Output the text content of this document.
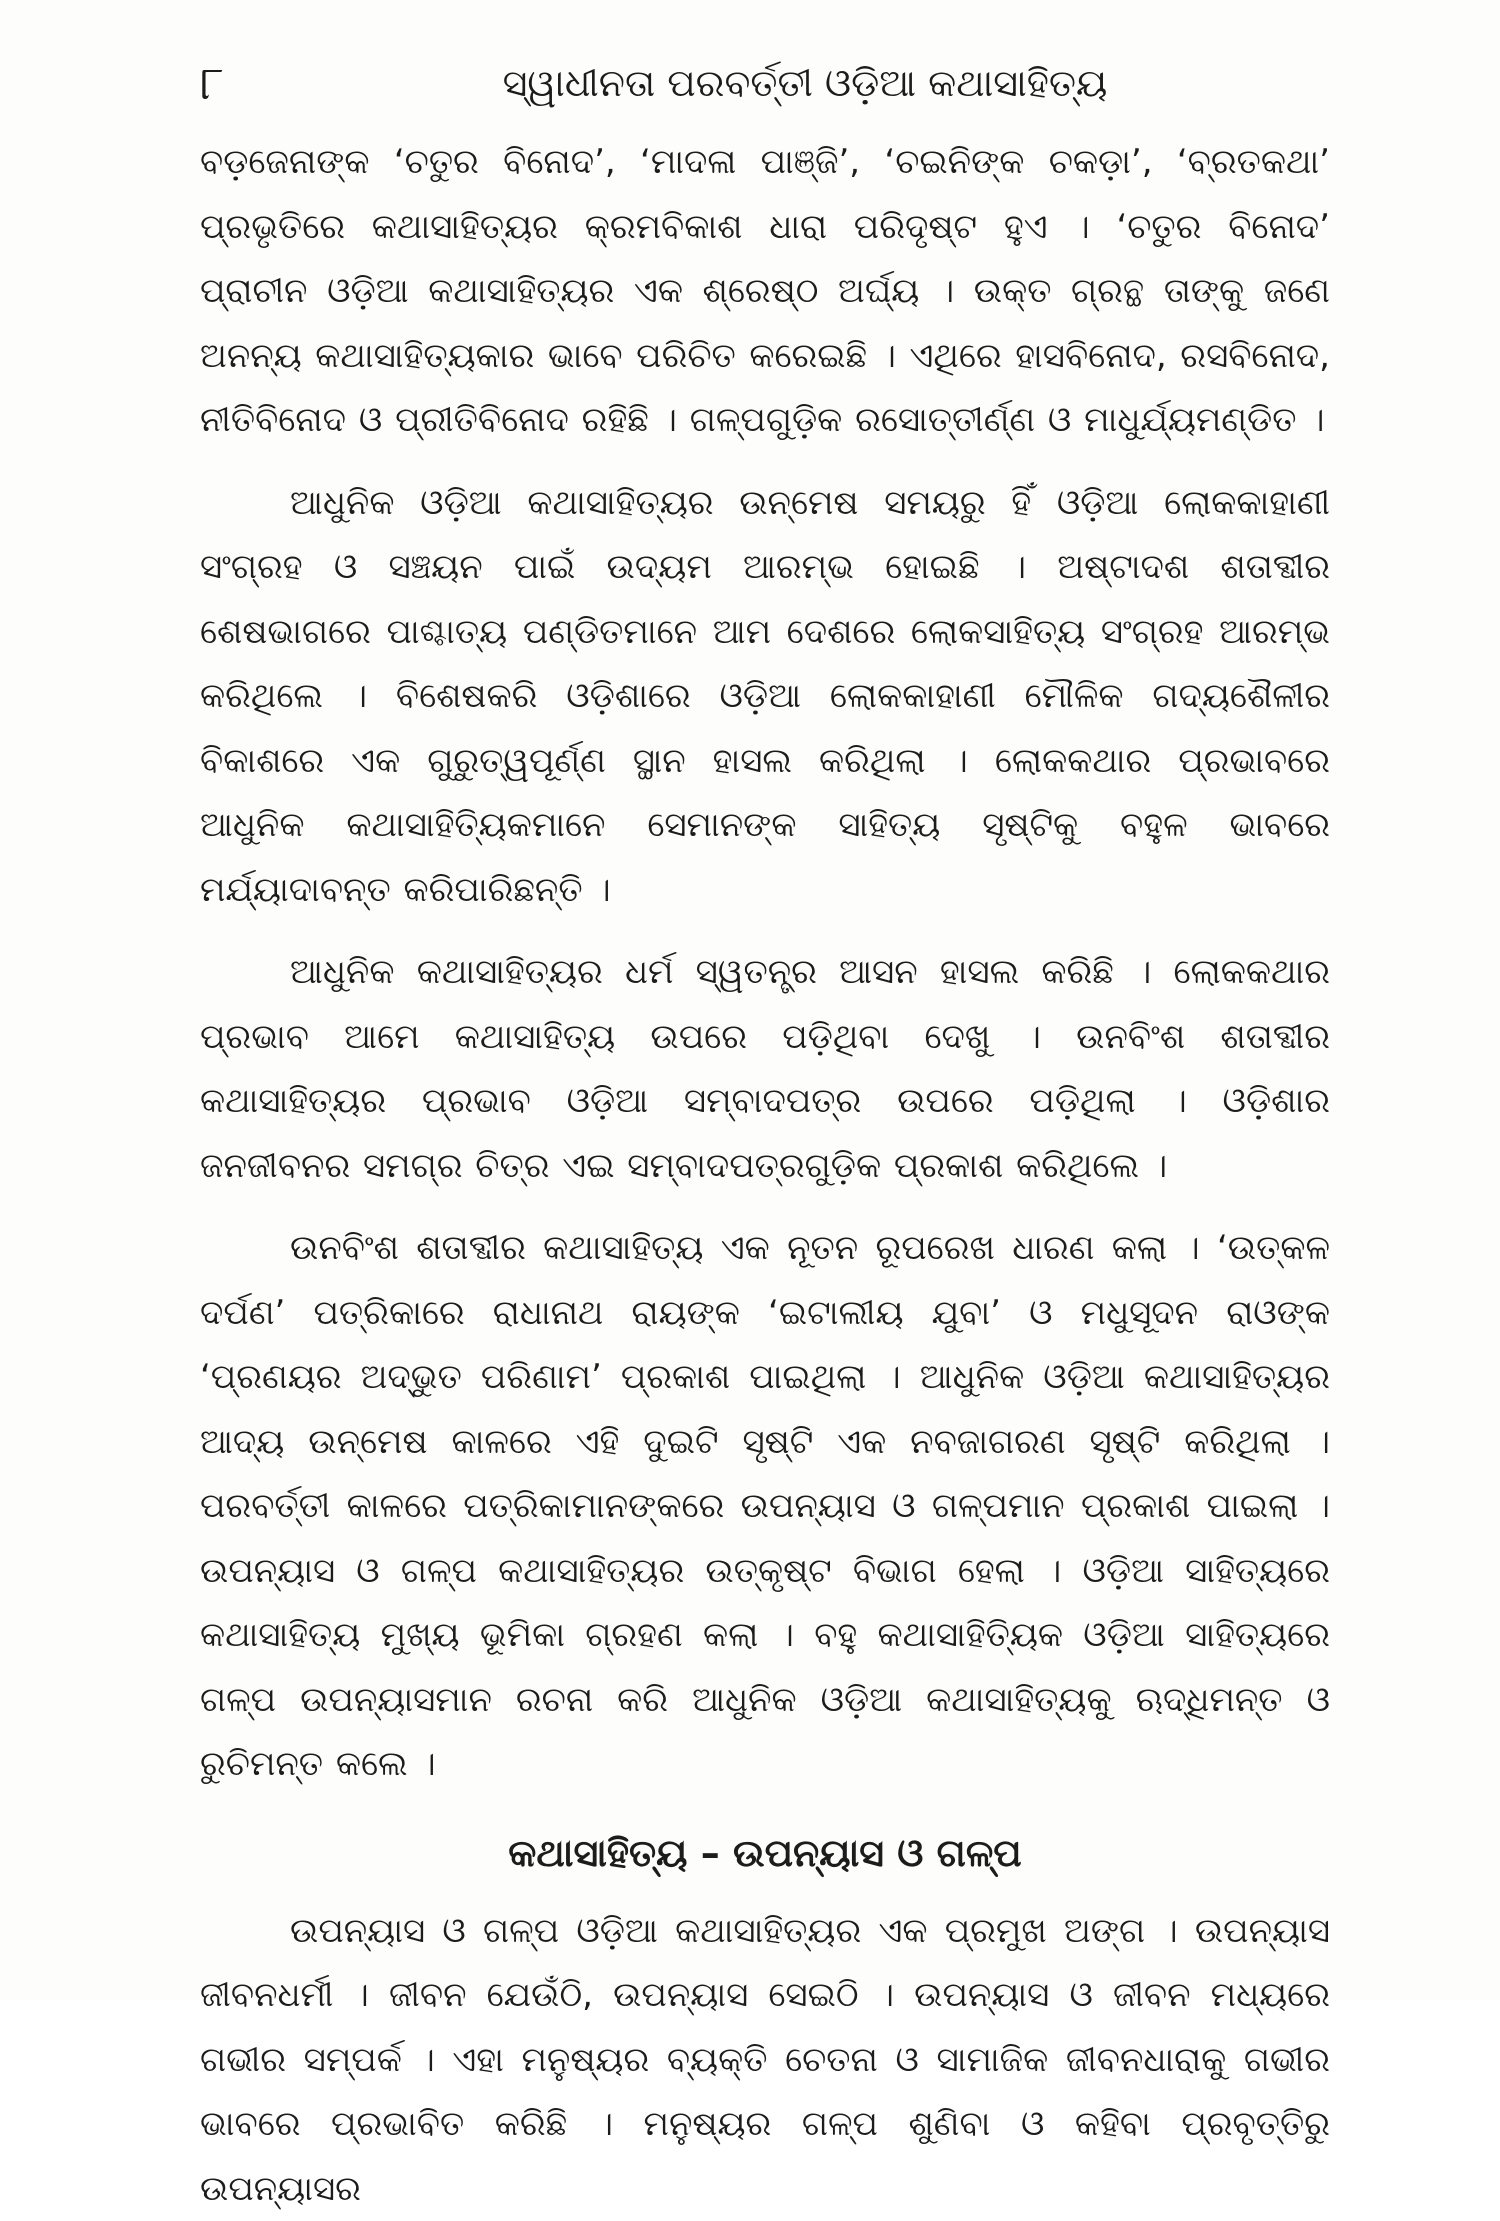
୮	ସ୍ୱାଧୀନତା ପରବର୍ତ୍ତୀ ଓଡ଼ିଆ କଥାସାହିତ୍ୟ

ବଡ଼ଜେନାଙ୍କ ‘ଚତୁର ବିନୋଦ’, ‘ମାଦଳା ପାଞ୍ଜି’, ‘ଚଇନିଙ୍କ ଚକଡ଼ା’, ‘ବ୍ରତକଥା’ ପ୍ରଭୃତିରେ କଥାସାହିତ୍ୟର କ୍ରମବିକାଶ ଧାରା ପରିଦୃଷ୍ଟ ହୁଏ । ‘ଚତୁର ବିନୋଦ’ ପ୍ରାଚୀନ ଓଡ଼ିଆ କଥାସାହିତ୍ୟର ଏକ ଶ୍ରେଷ୍ଠ ଅର୍ଘ୍ୟ । ଉକ୍ତ ଗ୍ରନ୍ଥ ତାଙ୍କୁ ଜଣେ ଅନନ୍ୟ କଥାସାହିତ୍ୟକାର ଭାବେ ପରିଚିତ କରେଇଛି । ଏଥିରେ ହାସବିନୋଦ, ରସବିନୋଦ, ନୀତିବିନୋଦ ଓ ପ୍ରୀତିବିନୋଦ ରହିଛି । ଗଳ୍ପଗୁଡ଼ିକ ରସୋତ୍ତୀର୍ଣ୍ଣ ଓ ମାଧୁର୍ଯ୍ୟମଣ୍ଡିତ ।

ଆଧୁନିକ ଓଡ଼ିଆ କଥାସାହିତ୍ୟର ଉନ୍ମେଷ ସମୟରୁ ହିଁ ଓଡ଼ିଆ ଲୋକକାହାଣୀ ସଂଗ୍ରହ ଓ ସଞ୍ଚୟନ ପାଇଁ ଉଦ୍ୟମ ଆରମ୍ଭ ହୋଇଛି । ଅଷ୍ଟାଦଶ ଶତାବ୍ଦୀର ଶେଷଭାଗରେ ପାଶ୍ଚାତ୍ୟ ପଣ୍ଡିତମାନେ ଆମ ଦେଶରେ ଲୋକସାହିତ୍ୟ ସଂଗ୍ରହ ଆରମ୍ଭ କରିଥିଲେ । ବିଶେଷକରି ଓଡ଼ିଶାରେ ଓଡ଼ିଆ ଲୋକକାହାଣୀ ମୌଳିକ ଗଦ୍ୟଶୈଳୀର ବିକାଶରେ ଏକ ଗୁରୁତ୍ୱପୂର୍ଣ୍ଣ ସ୍ଥାନ ହାସଲ କରିଥିଲା । ଲୋକକଥାର ପ୍ରଭାବରେ ଆଧୁନିକ କଥାସାହିତ୍ୟିକମାନେ ସେମାନଙ୍କ ସାହିତ୍ୟ ସୃଷ୍ଟିକୁ ବହୁଳ ଭାବରେ ମର୍ଯ୍ୟାଦାବନ୍ତ କରିପାରିଛନ୍ତି ।

ଆଧୁନିକ କଥାସାହିତ୍ୟର ଧର୍ମ ସ୍ୱତନ୍ତ୍ର ଆସନ ହାସଲ କରିଛି । ଲୋକକଥାର ପ୍ରଭାବ ଆମେ କଥାସାହିତ୍ୟ ଉପରେ ପଡ଼ିଥିବା ଦେଖୁ । ଉନବିଂଶ ଶତାବ୍ଦୀର କଥାସାହିତ୍ୟର ପ୍ରଭାବ ଓଡ଼ିଆ ସମ୍ବାଦପତ୍ର ଉପରେ ପଡ଼ିଥିଲା । ଓଡ଼ିଶାର ଜନଜୀବନର ସମଗ୍ର ଚିତ୍ର ଏଇ ସମ୍ବାଦପତ୍ରଗୁଡ଼ିକ ପ୍ରକାଶ କରିଥିଲେ ।

ଉନବିଂଶ ଶତାବ୍ଦୀର କଥାସାହିତ୍ୟ ଏକ ନୂତନ ରୂପରେଖ ଧାରଣ କଲା । ‘ଉତ୍କଳ ଦର୍ପଣ’ ପତ୍ରିକାରେ ରାଧାନାଥ ରାୟଙ୍କ ‘ଇଟାଲୀୟ ଯୁବା’ ଓ ମଧୁସୂଦନ ରାଓଙ୍କ ‘ପ୍ରଣୟର ଅଦ୍ଭୁତ ପରିଣାମ’ ପ୍ରକାଶ ପାଇଥିଲା । ଆଧୁନିକ ଓଡ଼ିଆ କଥାସାହିତ୍ୟର ଆଦ୍ୟ ଉନ୍ମେଷ କାଳରେ ଏହି ଦୁଇଟି ସୃଷ୍ଟି ଏକ ନବଜାଗରଣ ସୃଷ୍ଟି କରିଥିଲା । ପରବର୍ତ୍ତୀ କାଳରେ ପତ୍ରିକାମାନଙ୍କରେ ଉପନ୍ୟାସ ଓ ଗଳ୍ପମାନ ପ୍ରକାଶ ପାଇଲା । ଉପନ୍ୟାସ ଓ ଗଳ୍ପ କଥାସାହିତ୍ୟର ଉତ୍କୃଷ୍ଟ ବିଭାଗ ହେଲା । ଓଡ଼ିଆ ସାହିତ୍ୟରେ କଥାସାହିତ୍ୟ ମୁଖ୍ୟ ଭୂମିକା ଗ୍ରହଣ କଲା । ବହୁ କଥାସାହିତ୍ୟିକ ଓଡ଼ିଆ ସାହିତ୍ୟରେ ଗଳ୍ପ ଉପନ୍ୟାସମାନ ରଚନା କରି ଆଧୁନିକ ଓଡ଼ିଆ କଥାସାହିତ୍ୟକୁ ଋଦ୍ଧିମନ୍ତ ଓ ରୁଚିମନ୍ତ କଲେ ।

କଥାସାହିତ୍ୟ – ଉପନ୍ୟାସ ଓ ଗଳ୍ପ

ଉପନ୍ୟାସ ଓ ଗଳ୍ପ ଓଡ଼ିଆ କଥାସାହିତ୍ୟର ଏକ ପ୍ରମୁଖ ଅଙ୍ଗ । ଉପନ୍ୟାସ ଜୀବନଧର୍ମୀ । ଜୀବନ ଯେଉଁଠି, ଉପନ୍ୟାସ ସେଇଠି । ଉପନ୍ୟାସ ଓ ଜୀବନ ମଧ୍ୟରେ ଗଭୀର ସମ୍ପର୍କ । ଏହା ମନୁଷ୍ୟର ବ୍ୟକ୍ତି ଚେତନା ଓ ସାମାଜିକ ଜୀବନଧାରାକୁ ଗଭୀର ଭାବରେ ପ୍ରଭାବିତ କରିଛି । ମନୁଷ୍ୟର ଗଳ୍ପ ଶୁଣିବା ଓ କହିବା ପ୍ରବୃତ୍ତିରୁ ଉପନ୍ୟାସର
